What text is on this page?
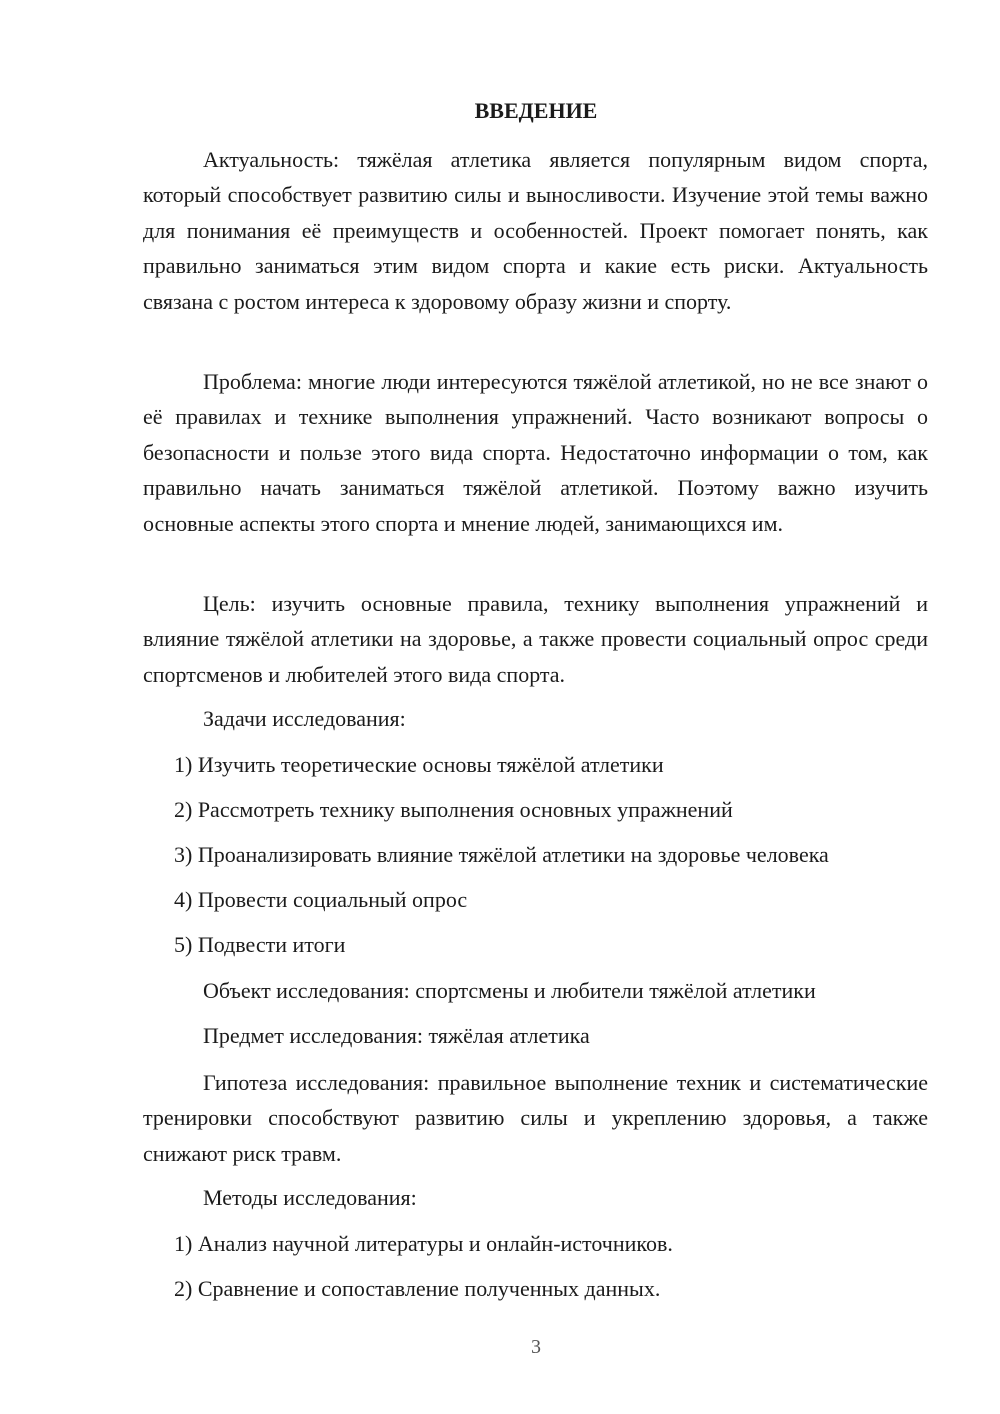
ВВЕДЕНИЕ

Актуальность: тяжёлая атлетика является популярным видом спорта, который способствует развитию силы и выносливости. Изучение этой темы важно для понимания её преимуществ и особенностей. Проект помогает понять, как правильно заниматься этим видом спорта и какие есть риски. Актуальность связана с ростом интереса к здоровому образу жизни и спорту.

Проблема: многие люди интересуются тяжёлой атлетикой, но не все знают о её правилах и технике выполнения упражнений. Часто возникают вопросы о безопасности и пользе этого вида спорта. Недостаточно информации о том, как правильно начать заниматься тяжёлой атлетикой. Поэтому важно изучить основные аспекты этого спорта и мнение людей, занимающихся им.

Цель: изучить основные правила, технику выполнения упражнений и влияние тяжёлой атлетики на здоровье, а также провести социальный опрос среди спортсменов и любителей этого вида спорта.

Задачи исследования:
1) Изучить теоретические основы тяжёлой атлетики
2) Рассмотреть технику выполнения основных упражнений
3) Проанализировать влияние тяжёлой атлетики на здоровье человека
4) Провести социальный опрос
5) Подвести итоги
Объект исследования: спортсмены и любители тяжёлой атлетики
Предмет исследования: тяжёлая атлетика

Гипотеза исследования: правильное выполнение техник и систематические тренировки способствуют развитию силы и укреплению здоровья, а также снижают риск травм.

Методы исследования:
1) Анализ научной литературы и онлайн-источников.
2) Сравнение и сопоставление полученных данных.
3
